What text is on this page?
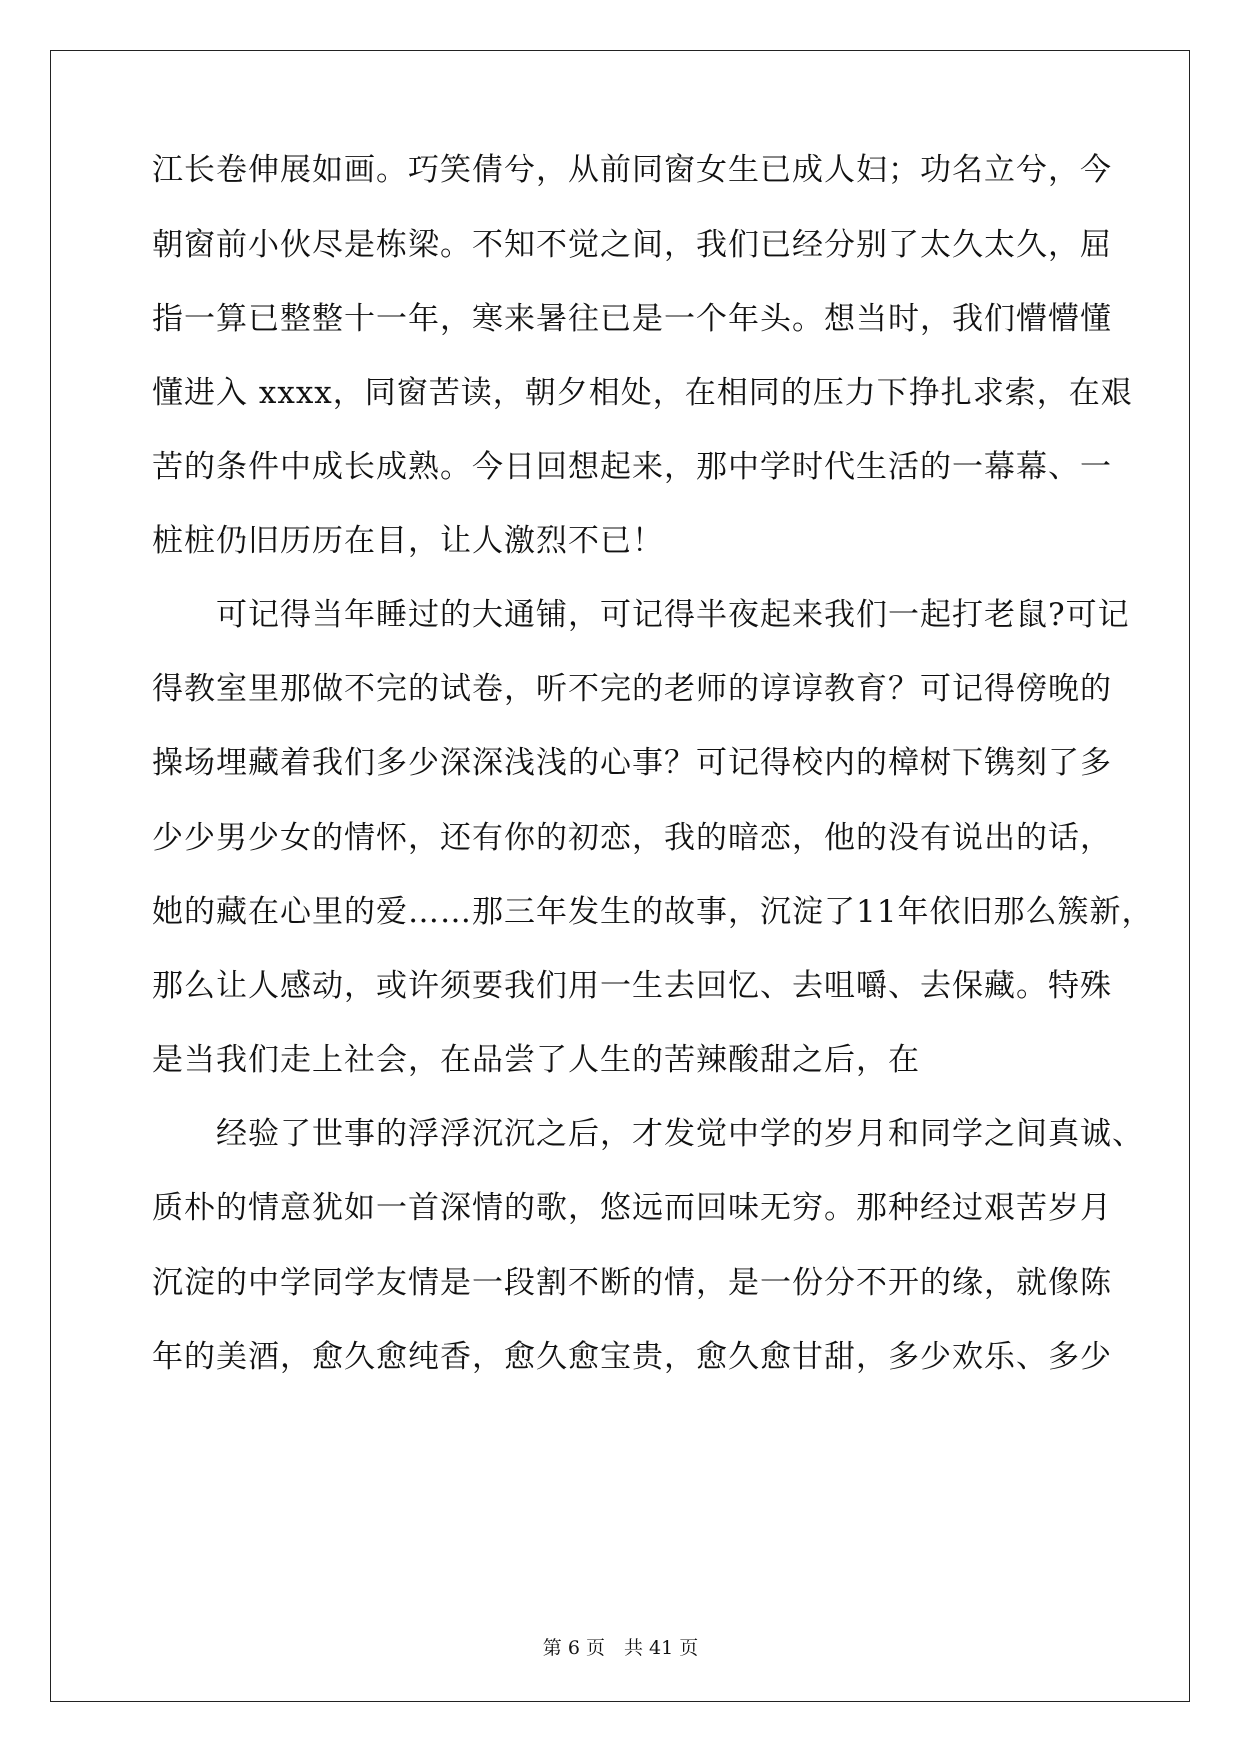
江长卷伸展如画。巧笑倩兮，从前同窗女生已成人妇；功名立兮，今
朝窗前小伙尽是栋梁。不知不觉之间，我们已经分别了太久太久，屈
指一算已整整十一年，寒来暑往已是一个年头。想当时，我们懵懵懂
懂进入 xxxx，同窗苦读，朝夕相处，在相同的压力下挣扎求索，在艰
苦的条件中成长成熟。今日回想起来，那中学时代生活的一幕幕、一
桩桩仍旧历历在目，让人激烈不已！
可记得当年睡过的大通铺，可记得半夜起来我们一起打老鼠?可记
得教室里那做不完的试卷，听不完的老师的谆谆教育？可记得傍晚的
操场埋藏着我们多少深深浅浅的心事？可记得校内的樟树下镌刻了多
少少男少女的情怀，还有你的初恋，我的暗恋，他的没有说出的话，
她的藏在心里的爱……那三年发生的故事，沉淀了11年依旧那么簇新，
那么让人感动，或许须要我们用一生去回忆、去咀嚼、去保藏。特殊
是当我们走上社会，在品尝了人生的苦辣酸甜之后，在
经验了世事的浮浮沉沉之后，才发觉中学的岁月和同学之间真诚、
质朴的情意犹如一首深情的歌，悠远而回味无穷。那种经过艰苦岁月
沉淀的中学同学友情是一段割不断的情，是一份分不开的缘，就像陈
年的美酒，愈久愈纯香，愈久愈宝贵，愈久愈甘甜，多少欢乐、多少
第 6 页　共 41 页
